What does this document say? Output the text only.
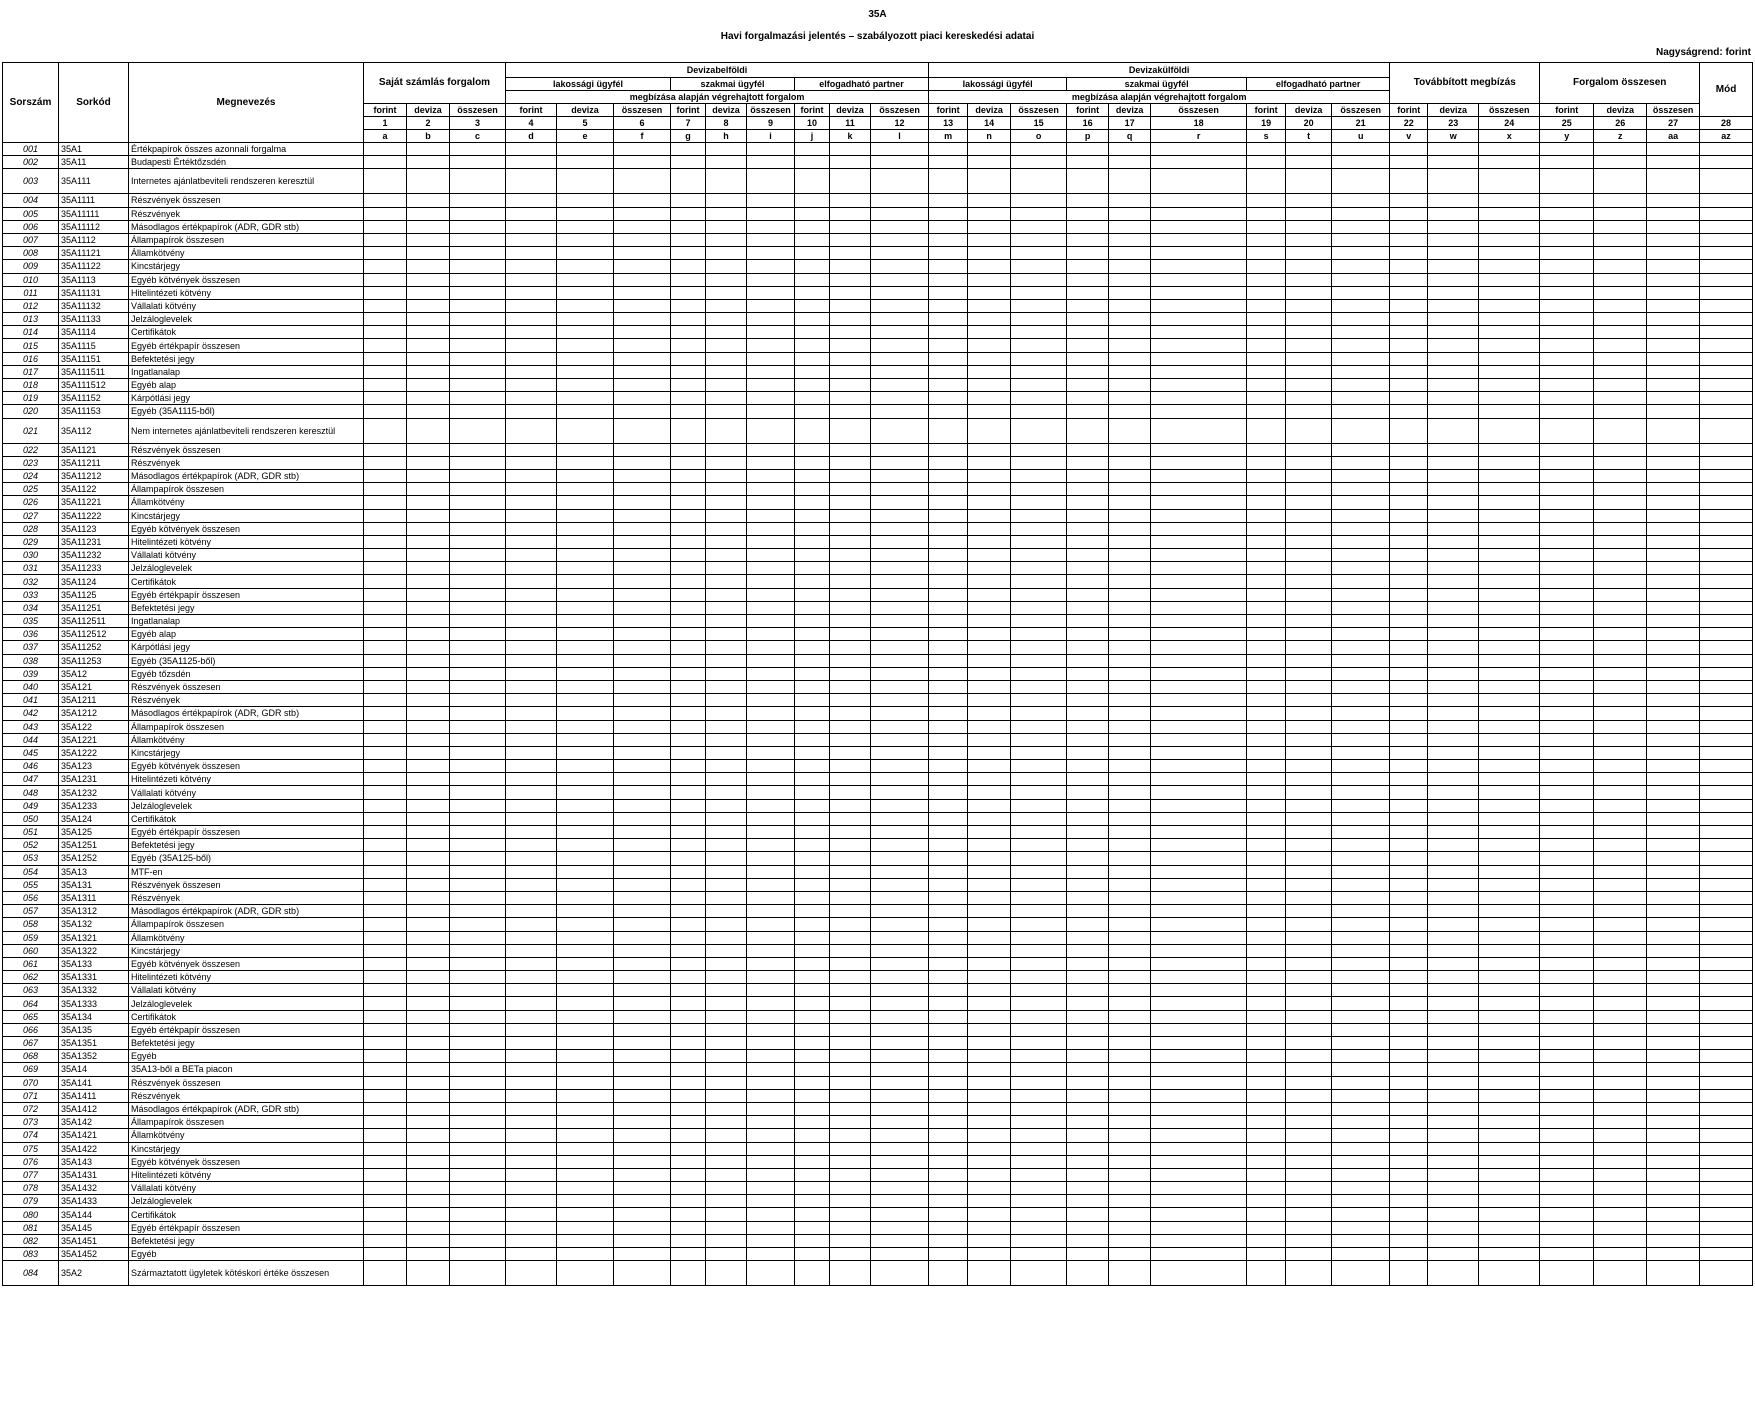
35A
Havi forgalmazási jelentés – szabályozott piaci kereskedési adatai
Nagyságrend: forint
Sorszám	Sorkód	Megnevezés	Saját számlás forgalom			Devizabelföldi									Devizakülföldi									Továbbított megbízás			Forgalom összesen			Mód
						lakossági ügyfél			szakmai ügyfél			elfogadható partner			lakossági ügyfél			szakmai ügyfél			elfogadható partner									
						megbízása alapján végrehajtott forgalom									megbízása alapján végrehajtott forgalom															
			forint	deviza	összesen	forint	deviza	összesen	forint	deviza	összesen	forint	deviza	összesen	forint	deviza	összesen	forint	deviza	összesen	forint	deviza	összesen	forint	deviza	összesen	forint	deviza	összesen	
			1	2	3	4	5	6	7	8	9	10	11	12	13	14	15	16	17	18	19	20	21	22	23	24	25	26	27	28
			a	b	c	d	e	f	g	h	i	j	k	l	m	n	o	p	q	r	s	t	u	v	w	x	y	z	aa	az
001	35A1	Értékpapírok összes azonnali forgalma																												
002	35A11	Budapesti Értéktőzsdén																												
003	35A111	Internetes ajánlatbeviteli rendszeren keresztül																												
004	35A1111	Részvények összesen																												
005	35A11111	Részvények																												
006	35A11112	Másodlagos értékpapírok (ADR, GDR stb)																												
007	35A1112	Állampapírok összesen																												
008	35A11121	Államkötvény																												
009	35A11122	Kincstárjegy																												
010	35A1113	Egyéb kötvények összesen																												
011	35A11131	Hitelintézeti kötvény																												
012	35A11132	Vállalati kötvény																												
013	35A11133	Jelzáloglevelek																												
014	35A1114	Certifikátok																												
015	35A1115	Egyéb értékpapír összesen																												
016	35A11151	Befektetési jegy																												
017	35A111511	Ingatlanalap																												
018	35A111512	Egyéb alap																												
019	35A11152	Kárpótlási jegy																												
020	35A11153	Egyéb (35A1115-ből)																												
021	35A112	Nem internetes ajánlatbeviteli rendszeren keresztül																												
022	35A1121	Részvények összesen																												
023	35A11211	Részvények																												
024	35A11212	Másodlagos értékpapírok (ADR, GDR stb)																												
025	35A1122	Állampapírok összesen																												
026	35A11221	Államkötvény																												
027	35A11222	Kincstárjegy																												
028	35A1123	Egyéb kötvények összesen																												
029	35A11231	Hitelintézeti kötvény																												
030	35A11232	Vállalati kötvény																												
031	35A11233	Jelzáloglevelek																												
032	35A1124	Certifikátok																												
033	35A1125	Egyéb értékpapír összesen																												
034	35A11251	Befektetési jegy																												
035	35A112511	Ingatlanalap																												
036	35A112512	Egyéb alap																												
037	35A11252	Kárpótlási jegy																												
038	35A11253	Egyéb (35A1125-ből)																												
039	35A12	Egyéb tőzsdén																												
040	35A121	Részvények összesen																												
041	35A1211	Részvények																												
042	35A1212	Másodlagos értékpapírok (ADR, GDR stb)																												
043	35A122	Állampapírok összesen																												
044	35A1221	Államkötvény																												
045	35A1222	Kincstárjegy																												
046	35A123	Egyéb kötvények összesen																												
047	35A1231	Hitelintézeti kötvény																												
048	35A1232	Vállalati kötvény																												
049	35A1233	Jelzáloglevelek																												
050	35A124	Certifikátok																												
051	35A125	Egyéb értékpapír összesen																												
052	35A1251	Befektetési jegy																												
053	35A1252	Egyéb (35A125-ből)																												
054	35A13	MTF-en																												
055	35A131	Részvények összesen																												
056	35A1311	Részvények																												
057	35A1312	Másodlagos értékpapírok (ADR, GDR stb)																												
058	35A132	Állampapírok összesen																												
059	35A1321	Államkötvény																												
060	35A1322	Kincstárjegy																												
061	35A133	Egyéb kötvények összesen																												
062	35A1331	Hitelintézeti kötvény																												
063	35A1332	Vállalati kötvény																												
064	35A1333	Jelzáloglevelek																												
065	35A134	Certifikátok																												
066	35A135	Egyéb értékpapír összesen																												
067	35A1351	Befektetési jegy																												
068	35A1352	Egyéb																												
069	35A14	35A13-ből a BETa piacon																												
070	35A141	Részvények összesen																												
071	35A1411	Részvények																												
072	35A1412	Másodlagos értékpapírok (ADR, GDR stb)																												
073	35A142	Állampapírok összesen																												
074	35A1421	Államkötvény																												
075	35A1422	Kincstárjegy																												
076	35A143	Egyéb kötvények összesen																												
077	35A1431	Hitelintézeti kötvény																												
078	35A1432	Vállalati kötvény																												
079	35A1433	Jelzáloglevelek																												
080	35A144	Certifikátok																												
081	35A145	Egyéb értékpapír összesen																												
082	35A1451	Befektetési jegy																												
083	35A1452	Egyéb																												
084	35A2	Származtatott ügyletek kötéskori értéke összesen																												
